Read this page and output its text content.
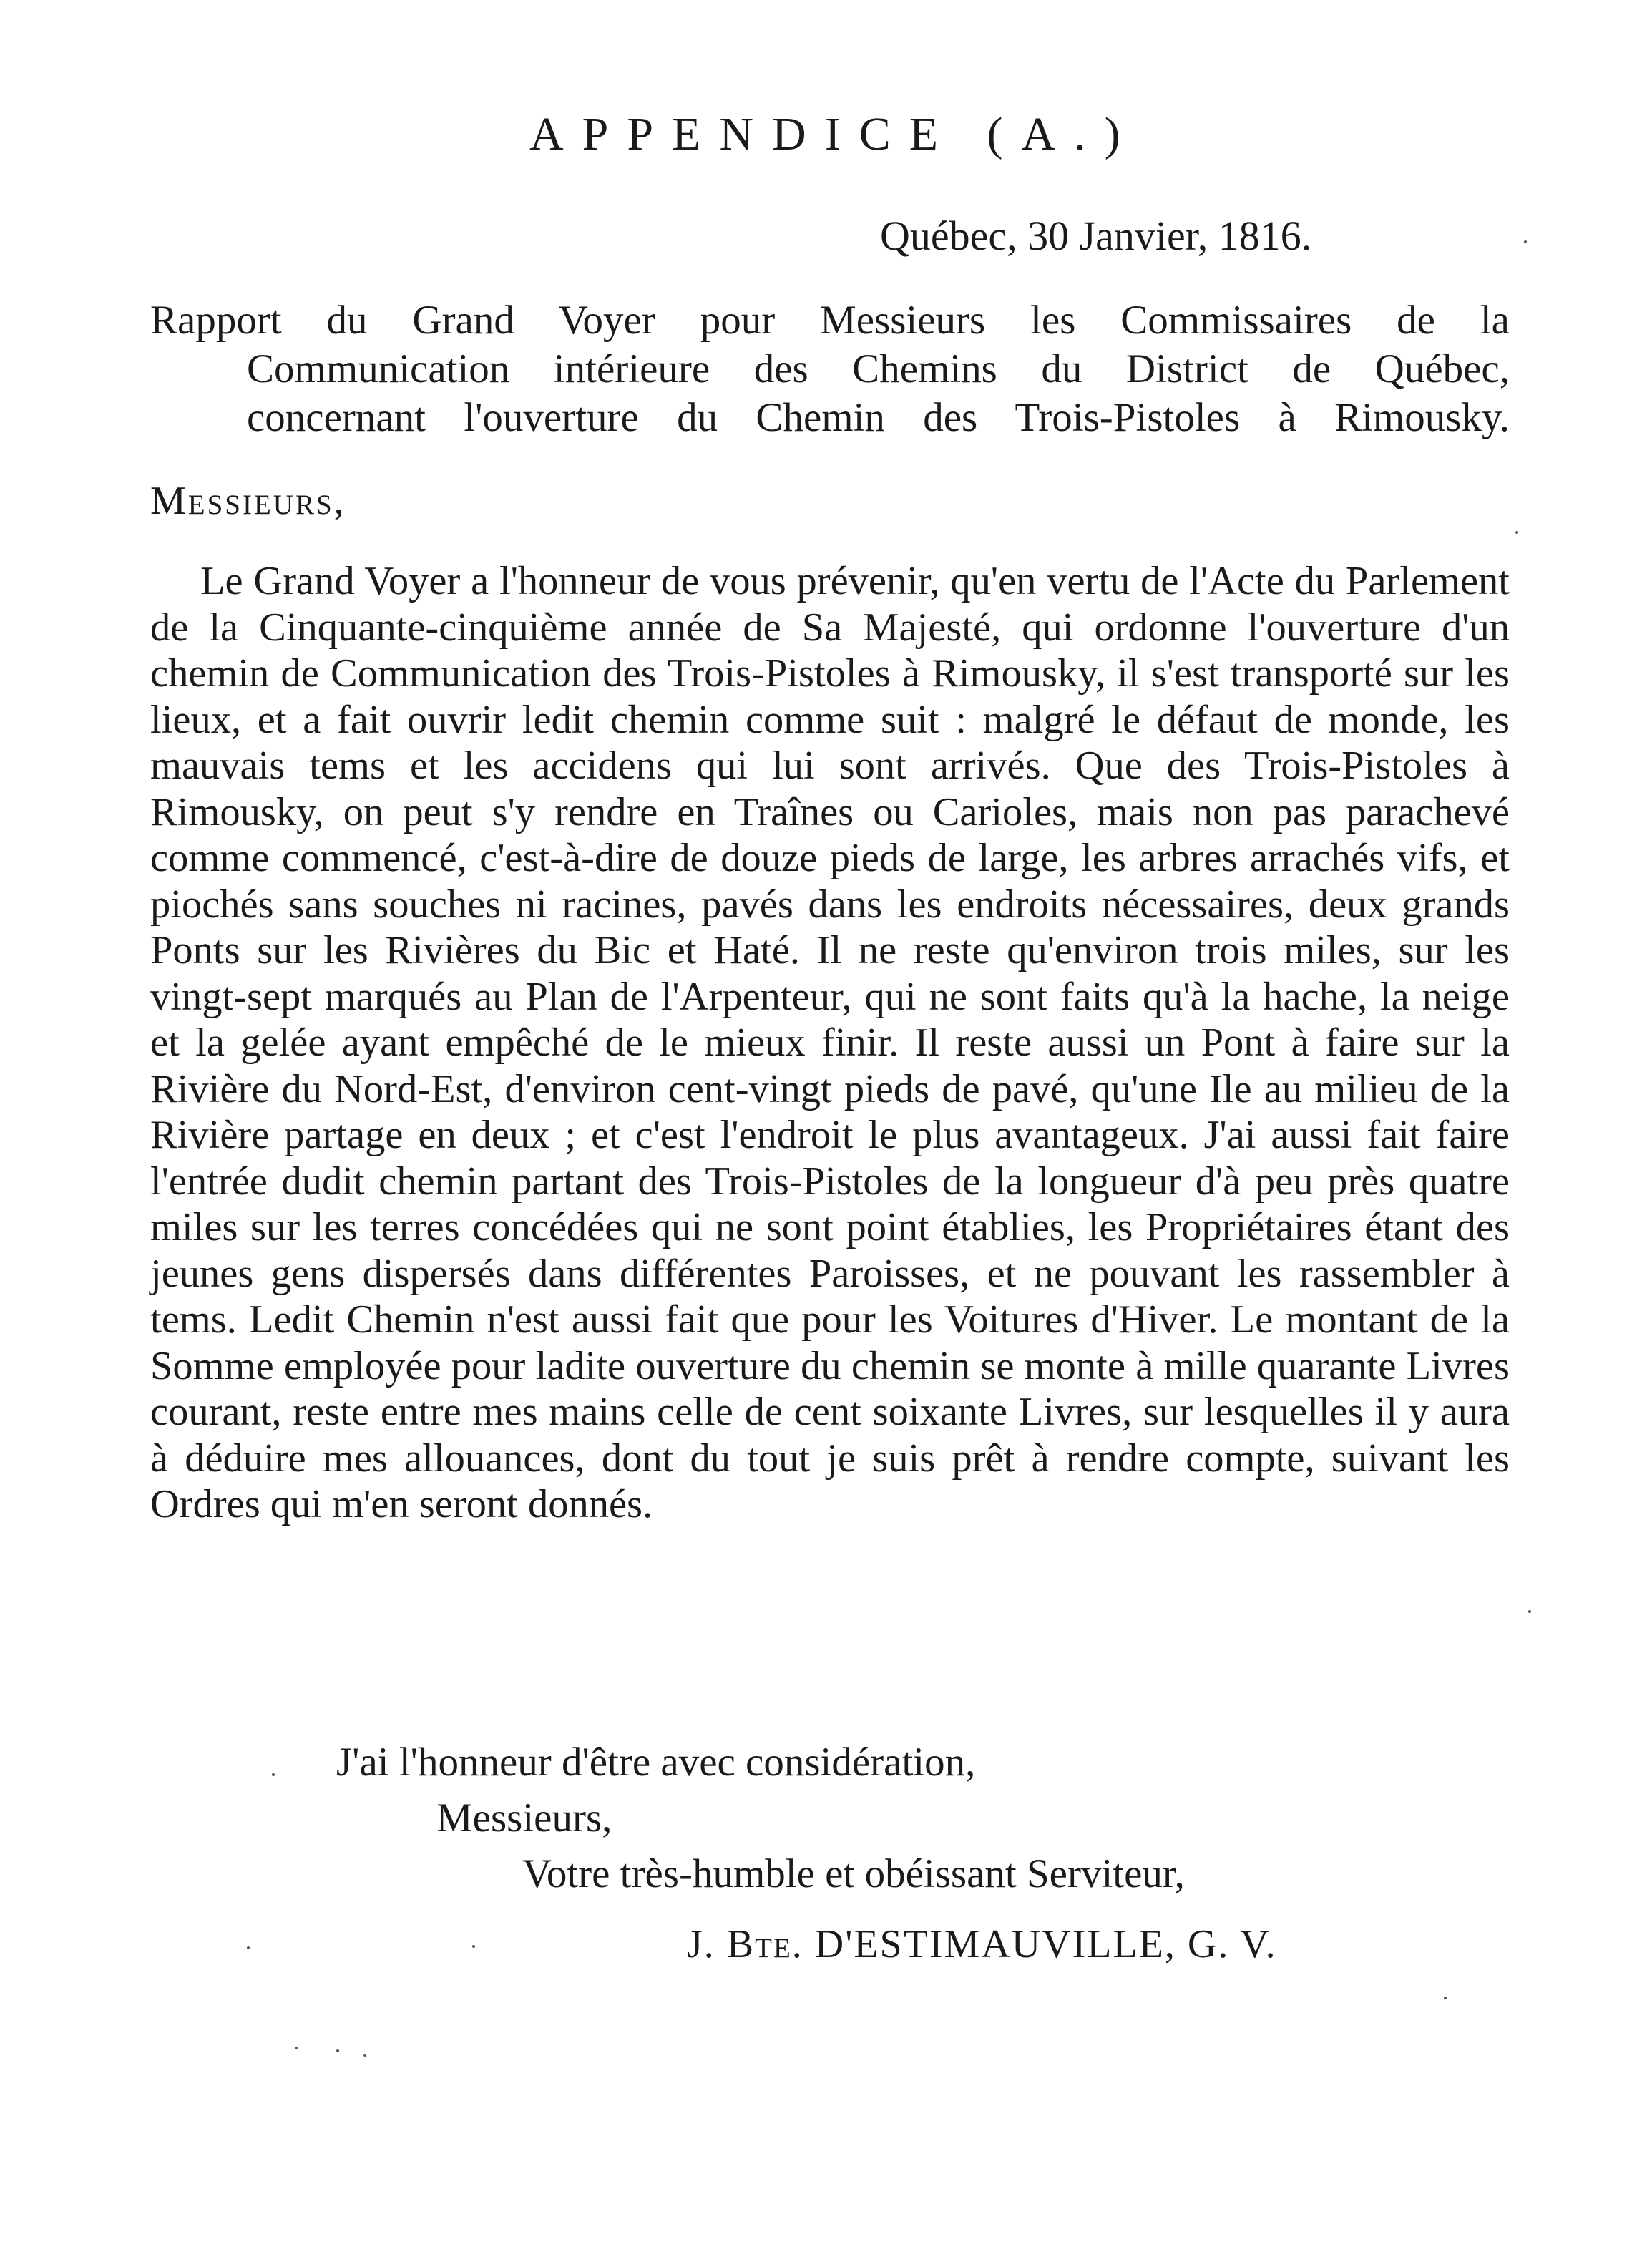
APPENDICE (A.)
Québec, 30 Janvier, 1816.
Rapport du Grand Voyer pour Messieurs les Commissaires de la
Communication intérieure des Chemins du District de Québec,
concernant l'ouverture du Chemin des Trois-Pistoles à Rimousky.
Messieurs,

Le Grand Voyer a l'honneur de vous prévenir, qu'en vertu de l'Acte du Parlement de la Cinquante-cinquième année de Sa Majesté, qui ordonne l'ouverture d'un chemin de Communication des Trois-Pistoles à Rimousky, il s'est transporté sur les lieux, et a fait ouvrir ledit chemin comme suit : malgré le défaut de monde, les mauvais tems et les accidens qui lui sont arrivés. Que des Trois-Pistoles à Rimousky, on peut s'y rendre en Traînes ou Carioles, mais non pas parachevé comme commencé, c'est-à-dire de douze pieds de large, les arbres arrachés vifs, et piochés sans souches ni racines, pavés dans les endroits nécessaires, deux grands Ponts sur les Rivières du Bic et Haté. Il ne reste qu'environ trois miles, sur les vingt-sept marqués au Plan de l'Arpenteur, qui ne sont faits qu'à la hache, la neige et la gelée ayant empêché de le mieux finir. Il reste aussi un Pont à faire sur la Rivière du Nord-Est, d'environ cent-vingt pieds de pavé, qu'une Ile au milieu de la Rivière partage en deux ; et c'est l'endroit le plus avantageux. J'ai aussi fait faire l'entrée dudit chemin partant des Trois-Pistoles de la longueur d'à peu près quatre miles sur les terres concédées qui ne sont point établies, les Propriétaires étant des jeunes gens dispersés dans différentes Paroisses, et ne pouvant les rassembler à tems. Ledit Chemin n'est aussi fait que pour les Voitures d'Hiver. Le montant de la Somme employée pour ladite ouverture du chemin se monte à mille quarante Livres courant, reste entre mes mains celle de cent soixante Livres, sur lesquelles il y aura à déduire mes allouances, dont du tout je suis prêt à rendre compte, suivant les Ordres qui m'en seront donnés.

J'ai l'honneur d'être avec considération,
Messieurs,
Votre très-humble et obéissant Serviteur,
J. Bte. D'ESTIMAUVILLE, G. V.
